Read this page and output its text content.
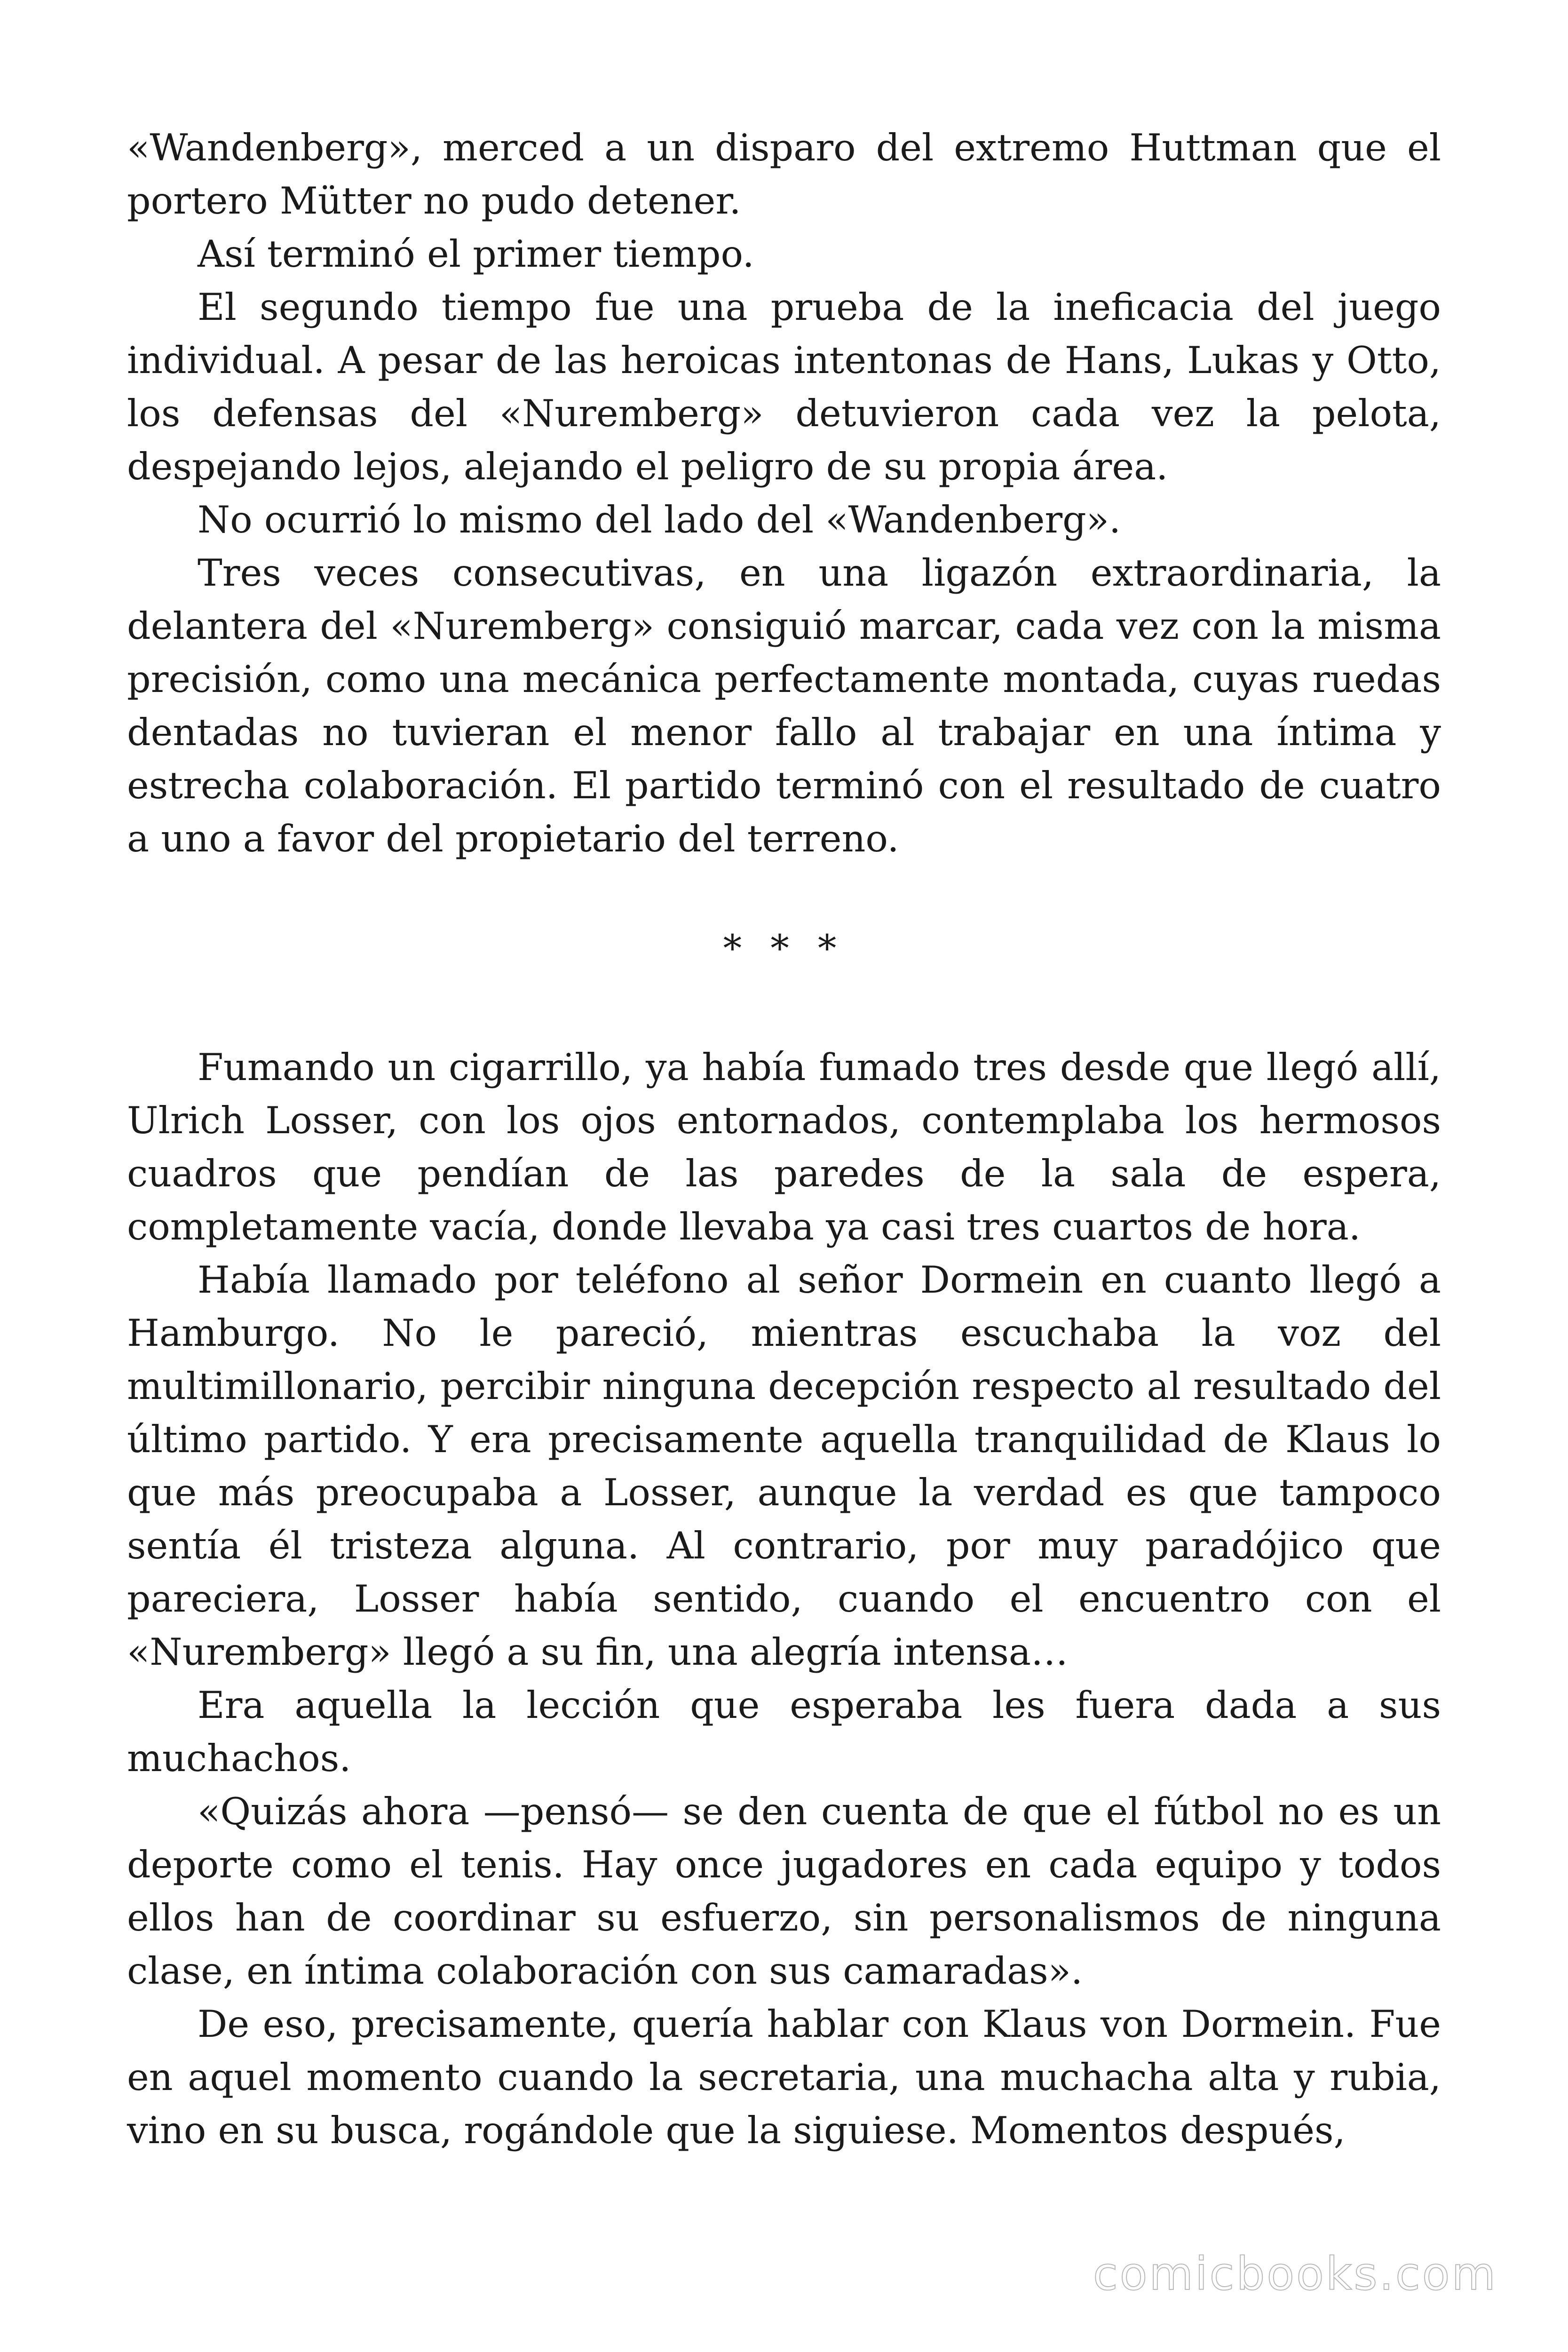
«Wandenberg», merced a un disparo del extremo Huttman que el portero Mütter no pudo detener.

Así terminó el primer tiempo.

El segundo tiempo fue una prueba de la ineficacia del juego individual. A pesar de las heroicas intentonas de Hans, Lukas y Otto, los defensas del «Nuremberg» detuvieron cada vez la pelota, despejando lejos, alejando el peligro de su propia área.

No ocurrió lo mismo del lado del «Wandenberg».

Tres veces consecutivas, en una ligazón extraordinaria, la delantera del «Nuremberg» consiguió marcar, cada vez con la misma precisión, como una mecánica perfectamente montada, cuyas ruedas dentadas no tuvieran el menor fallo al trabajar en una íntima y estrecha colaboración. El partido terminó con el resultado de cuatro a uno a favor del propietario del terreno.

* * *

Fumando un cigarrillo, ya había fumado tres desde que llegó allí, Ulrich Losser, con los ojos entornados, contemplaba los hermosos cuadros que pendían de las paredes de la sala de espera, completamente vacía, donde llevaba ya casi tres cuartos de hora.

Había llamado por teléfono al señor Dormein en cuanto llegó a Hamburgo. No le pareció, mientras escuchaba la voz del multimillonario, percibir ninguna decepción respecto al resultado del último partido. Y era precisamente aquella tranquilidad de Klaus lo que más preocupaba a Losser, aunque la verdad es que tampoco sentía él tristeza alguna. Al contrario, por muy paradójico que pareciera, Losser había sentido, cuando el encuentro con el «Nuremberg» llegó a su fin, una alegría intensa…

Era aquella la lección que esperaba les fuera dada a sus muchachos.

«Quizás ahora —pensó— se den cuenta de que el fútbol no es un deporte como el tenis. Hay once jugadores en cada equipo y todos ellos han de coordinar su esfuerzo, sin personalismos de ninguna clase, en íntima colaboración con sus camaradas».

De eso, precisamente, quería hablar con Klaus von Dormein. Fue en aquel momento cuando la secretaria, una muchacha alta y rubia, vino en su busca, rogándole que la siguiese. Momentos después,

comicbooks.com
